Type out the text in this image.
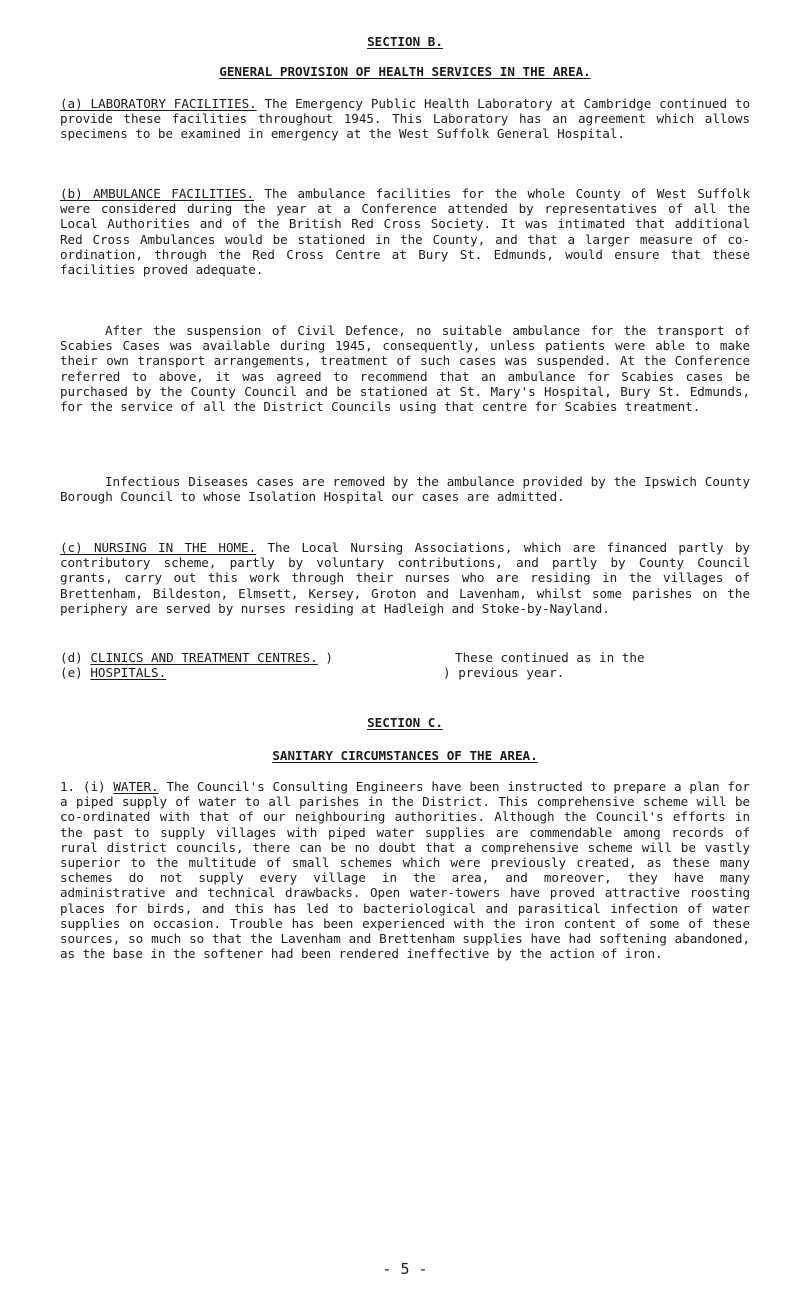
SECTION B.
GENERAL PROVISION OF HEALTH SERVICES IN THE AREA.

(a) LABORATORY FACILITIES. The Emergency Public Health Laboratory at Cambridge continued to provide these facilities throughout 1945. This Laboratory has an agreement which allows specimens to be examined in emergency at the West Suffolk General Hospital.

(b) AMBULANCE FACILITIES. The ambulance facilities for the whole County of West Suffolk were considered during the year at a Conference attended by representatives of all the Local Authorities and of the British Red Cross Society. It was intimated that additional Red Cross Ambulances would be stationed in the County, and that a larger measure of co-ordination, through the Red Cross Centre at Bury St. Edmunds, would ensure that these facilities proved adequate.

After the suspension of Civil Defence, no suitable ambulance for the transport of Scabies Cases was available during 1945, consequently, unless patients were able to make their own transport arrangements, treatment of such cases was suspended. At the Conference referred to above, it was agreed to recommend that an ambulance for Scabies cases be purchased by the County Council and be stationed at St. Mary's Hospital, Bury St. Edmunds, for the service of all the District Councils using that centre for Scabies treatment.

Infectious Diseases cases are removed by the ambulance provided by the Ipswich County Borough Council to whose Isolation Hospital our cases are admitted.

(c) NURSING IN THE HOME. The Local Nursing Associations, which are financed partly by contributory scheme, partly by voluntary contributions, and partly by County Council grants, carry out this work through their nurses who are residing in the villages of Brettenham, Bildeston, Elmsett, Kersey, Groton and Lavenham, whilst some parishes on the periphery are served by nurses residing at Hadleigh and Stoke-by-Nayland.

(d) CLINICS AND TREATMENT CENTRES. )
(e) HOSPITALS.
These continued as in the
) previous year.
SECTION C.
SANITARY CIRCUMSTANCES OF THE AREA.

1. (i) WATER. The Council's Consulting Engineers have been instructed to prepare a plan for a piped supply of water to all parishes in the District. This comprehensive scheme will be co-ordinated with that of our neighbouring authorities. Although the Council's efforts in the past to supply villages with piped water supplies are commendable among records of rural district councils, there can be no doubt that a comprehensive scheme will be vastly superior to the multitude of small schemes which were previously created, as these many schemes do not supply every village in the area, and moreover, they have many administrative and technical drawbacks. Open water-towers have proved attractive roosting places for birds, and this has led to bacteriological and parasitical infection of water supplies on occasion. Trouble has been experienced with the iron content of some of these sources, so much so that the Lavenham and Brettenham supplies have had softening abandoned, as the base in the softener had been rendered ineffective by the action of iron.

- 5 -
